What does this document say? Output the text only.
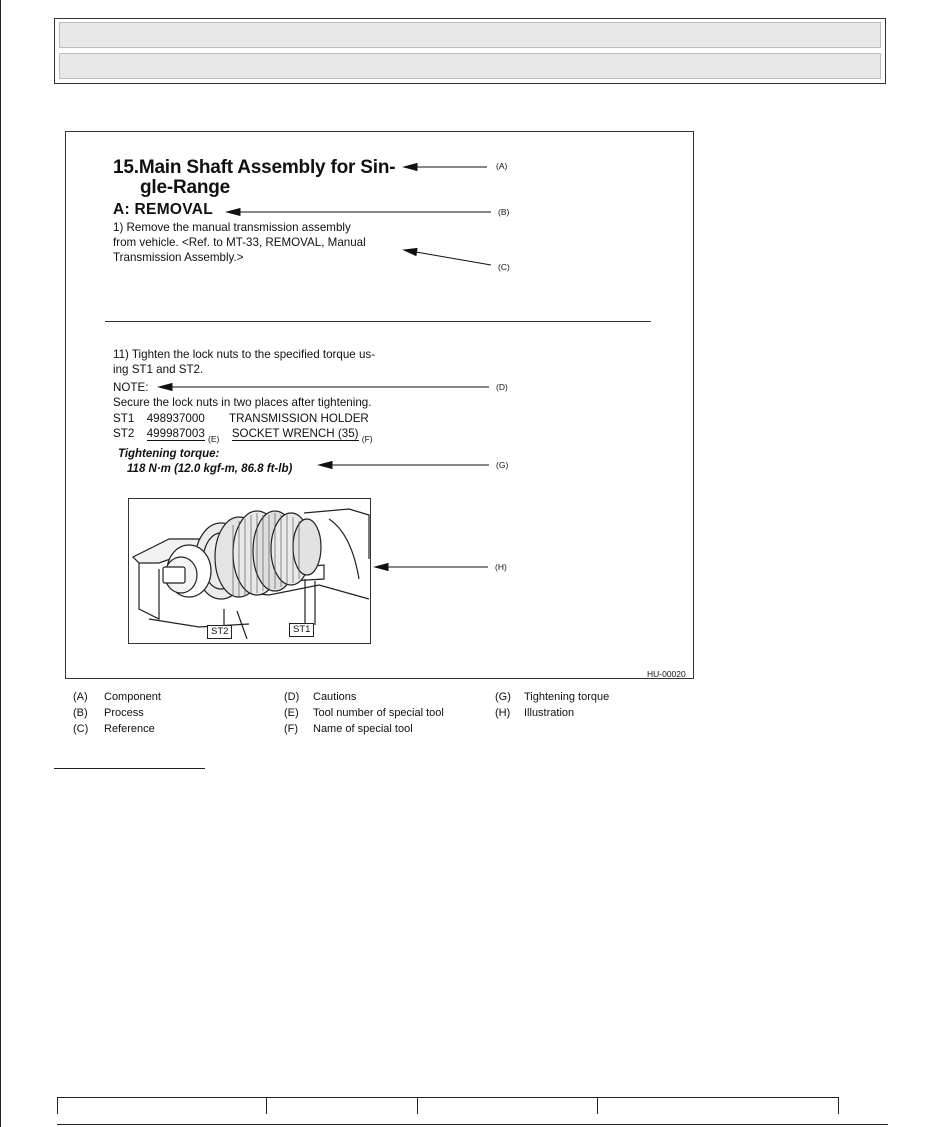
15.Main Shaft Assembly for Sin-
gle-Range
A: REMOVAL
1) Remove the manual transmission assembly
from vehicle. <Ref. to MT-33, REMOVAL, Manual
Transmission Assembly.>
11) Tighten the lock nuts to the specified torque us-
ing ST1 and ST2.
NOTE:
Secure the lock nuts in two places after tightening.
ST1 498937000 TRANSMISSION HOLDER
ST2 499987003 $_{(E)}$ SOCKET WRENCH (35) $_{(F)}$
Tightening torque:
118 N·m (12.0 kgf-m, 86.8 ft-lb)
(A)
(B)
(C)
(D)
(G)
(H)
ST2	ST1
HU-00020
(A) Component
(B) Process
(C) Reference
(D) Cautions
(E) Tool number of special tool
(F) Name of special tool
(G) Tightening torque
(H) Illustration
